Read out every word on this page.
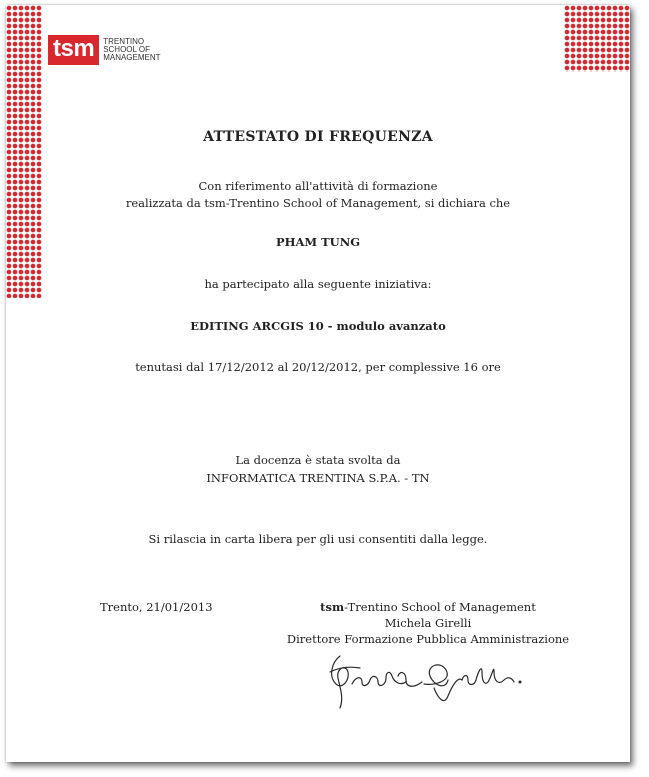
tsm	TRENTINO
SCHOOL OF
MANAGEMENT
ATTESTATO DI FREQUENZA
Con riferimento all'attività di formazione
realizzata da tsm-Trentino School of Management, si dichiara che
PHAM TUNG
ha partecipato alla seguente iniziativa:
EDITING ARCGIS 10 - modulo avanzato
tenutasi dal 17/12/2012 al 20/12/2012, per complessive 16 ore
La docenza è stata svolta da
INFORMATICA TRENTINA S.P.A. - TN
Si rilascia in carta libera per gli usi consentiti dalla legge.
Trento, 21/01/2013	tsm-Trentino School of Management
Michela Girelli
Direttore Formazione Pubblica Amministrazione
